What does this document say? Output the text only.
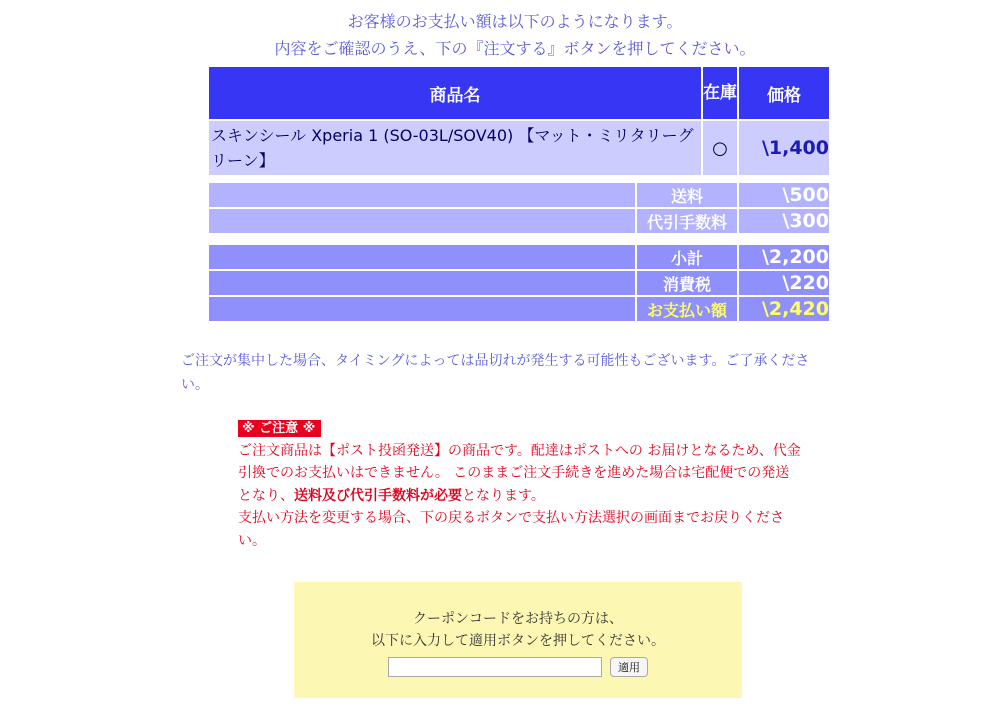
お客様のお支払い額は以下のようになります。
内容をご確認のうえ、下の『注文する』ボタンを押してください。
商品名	在庫	価格
スキンシール Xperia 1 (SO-03L/SOV40) 【マット・ミリタリーグリーン】	○	\1,400
	送料	\500
	代引手数料	\300
	小計	\2,200
	消費税	\220
	お支払い額	\2,420
ご注文が集中した場合、タイミングによっては品切れが発生する可能性もございます。ご了承ください。
※ ご注意 ※
ご注文商品は【ポスト投函発送】の商品です。配達はポストへの お届けとなるため、代金引換でのお支払いはできません。 このままご注文手続きを進めた場合は宅配便での発送となり、送料及び代引手数料が必要となります。
支払い方法を変更する場合、下の戻るボタンで支払い方法選択の画面までお戻りください。
クーポンコードをお持ちの方は、
以下に入力して適用ボタンを押してください。
適用
